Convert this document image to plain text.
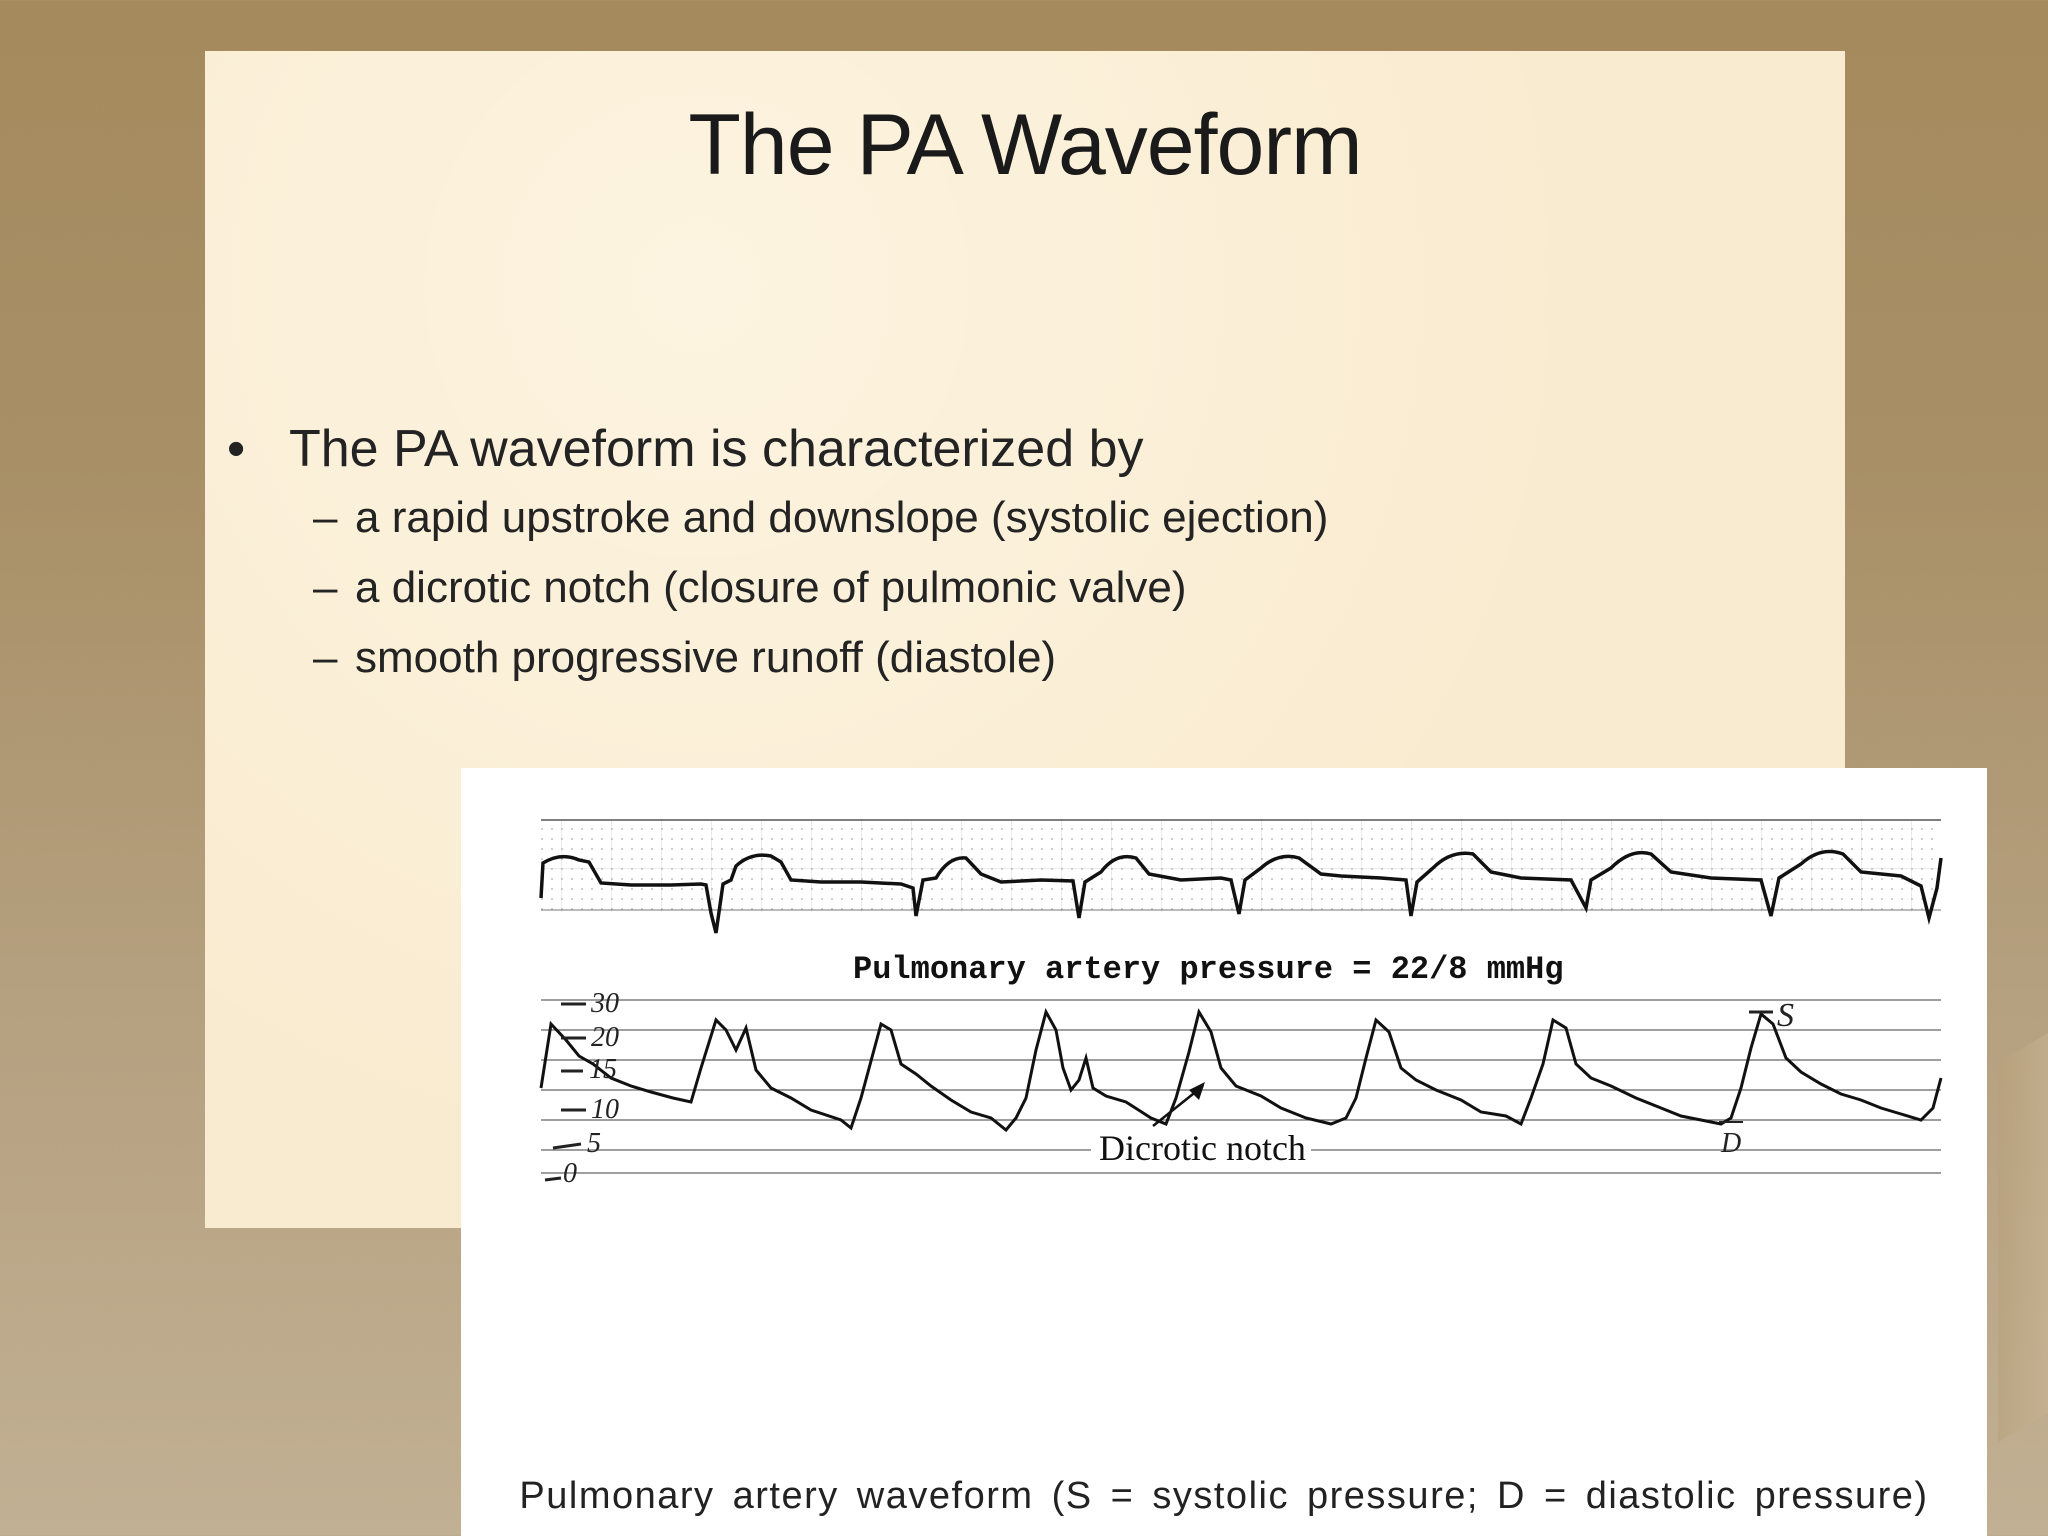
The PA Waveform
• The PA waveform is characterized by
– a rapid upstroke and downslope (systolic ejection)
– a dicrotic notch (closure of pulmonic valve)
– smooth progressive runoff (diastole)
30
20
15
10
5
0
Pulmonary artery pressure = 22/8 mmHg
Dicrotic notch
S
D
Pulmonary artery waveform (S = systolic pressure; D = diastolic pressure)
